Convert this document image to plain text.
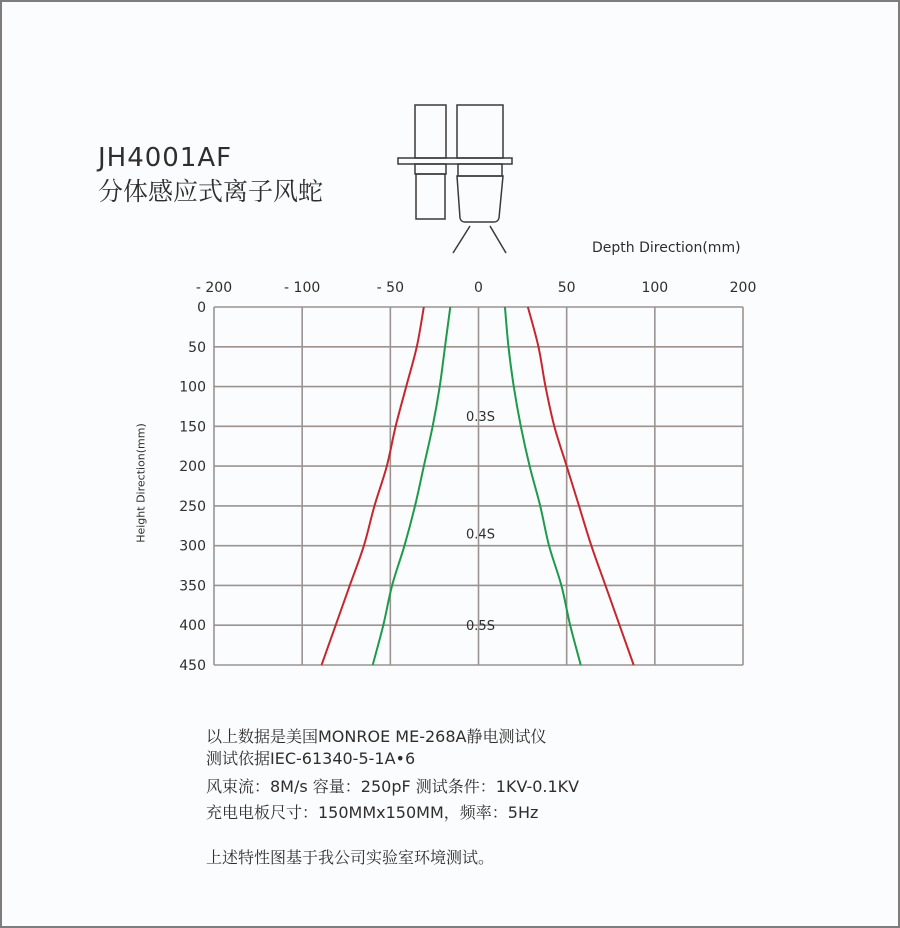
JH4001AF
分体感应式离子风蛇
Depth Direction(mm)
Height Direction(mm)
0
50
100
150
200
250
300
350
400
450
- 200	- 100	- 50	0	50	100	200
0.3S
0.4S
0.5S
以上数据是美国MONROE ME-268A静电测试仪
测试依据IEC-61340-5-1A•6
风束流：8M/s 容量：250pF 测试条件：1KV-0.1KV
充电电板尺寸：150MMx150MM，频率：5Hz
上述特性图基于我公司实验室环境测试。
